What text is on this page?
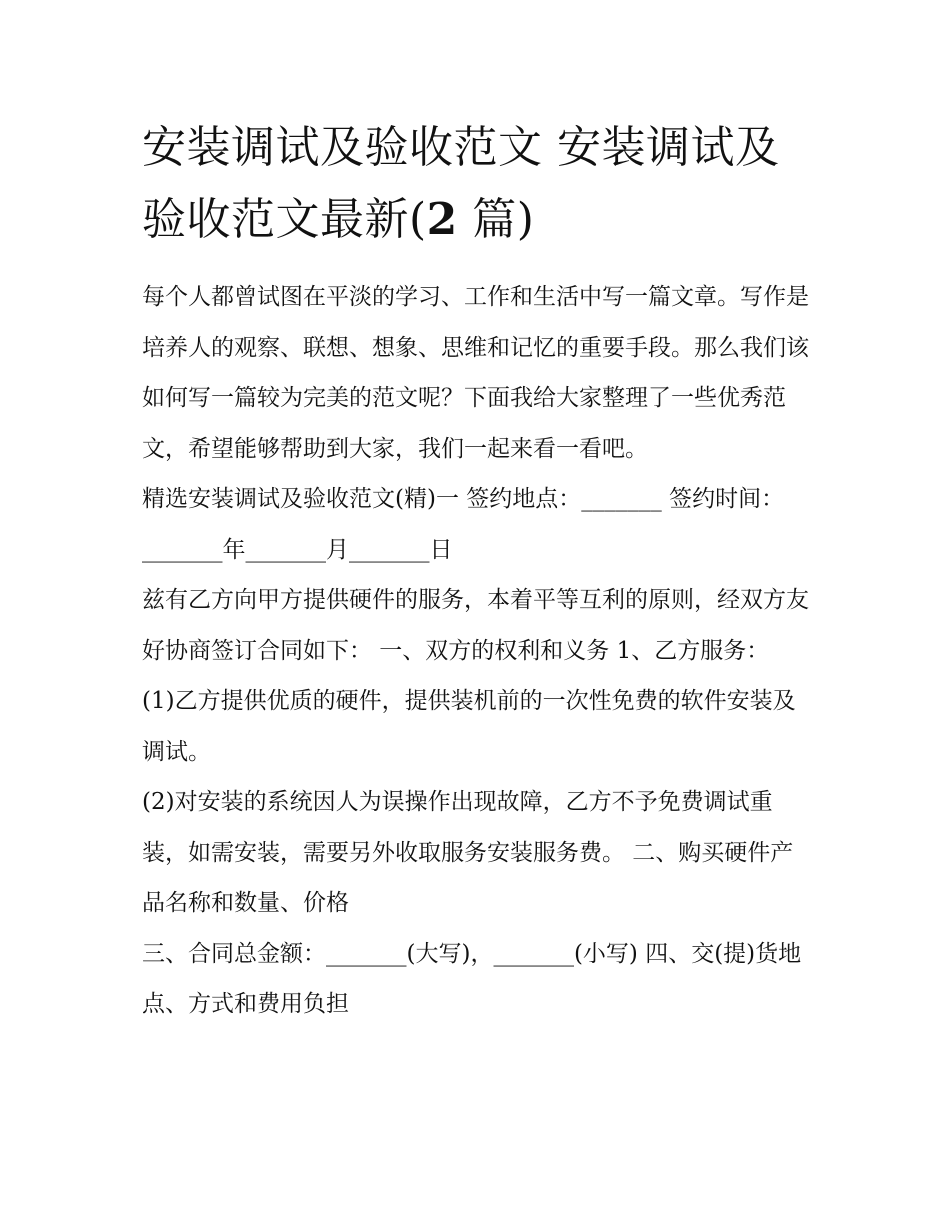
安装调试及验收范文 安装调试及验收范文最新(2 篇)

每个人都曾试图在平淡的学习、工作和生活中写一篇文章。写作是培养人的观察、联想、想象、思维和记忆的重要手段。那么我们该如何写一篇较为完美的范文呢？下面我给大家整理了一些优秀范文，希望能够帮助到大家，我们一起来看一看吧。

精选安装调试及验收范文(精)一 签约地点：_______ 签约时间：_______年_______月_______日

兹有乙方向甲方提供硬件的服务，本着平等互利的原则，经双方友好协商签订合同如下： 一、双方的权利和义务 1、乙方服务：

(1)乙方提供优质的硬件，提供装机前的一次性免费的软件安装及调试。

(2)对安装的系统因人为误操作出现故障，乙方不予免费调试重装，如需安装，需要另外收取服务安装服务费。 二、购买硬件产品名称和数量、价格

三、合同总金额：_______(大写)，_______(小写) 四、交(提)货地点、方式和费用负担
